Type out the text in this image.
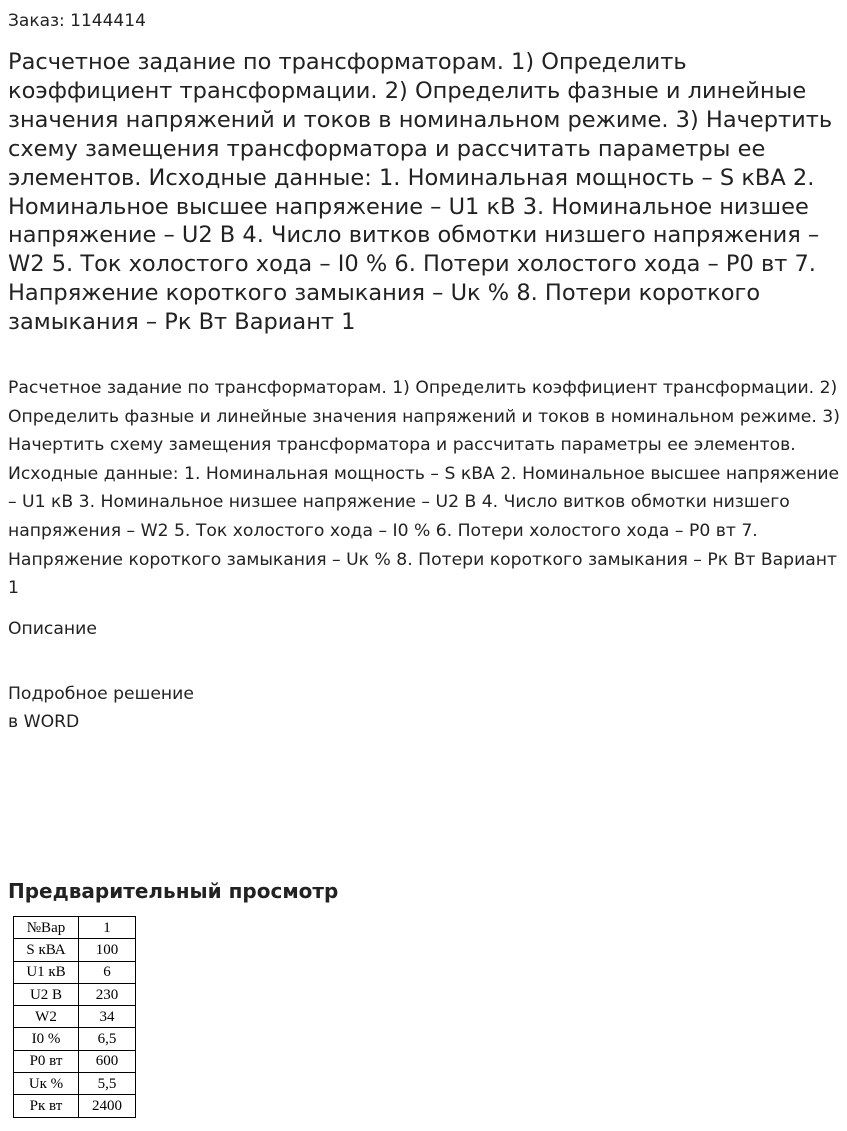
Заказ: 1144414
Расчетное задание по трансформаторам. 1) Определить коэффициент трансформации. 2) Определить фазные и линейные значения напряжений и токов в номинальном режиме. 3) Начертить схему замещения трансформатора и рассчитать параметры ее элементов. Исходные данные: 1. Номинальная мощность – S кВА 2. Номинальное высшее напряжение – U1 кВ 3. Номинальное низшее напряжение – U2 В 4. Число витков обмотки низшего напряжения – W2 5. Ток холостого хода – I0 % 6. Потери холостого хода – P0 вт 7. Напряжение короткого замыкания – Uк % 8. Потери короткого замыкания – Pк Вт Вариант 1
Расчетное задание по трансформаторам. 1) Определить коэффициент трансформации. 2) Определить фазные и линейные значения напряжений и токов в номинальном режиме. 3) Начертить схему замещения трансформатора и рассчитать параметры ее элементов. Исходные данные: 1. Номинальная мощность – S кВА 2. Номинальное высшее напряжение – U1 кВ 3. Номинальное низшее напряжение – U2 В 4. Число витков обмотки низшего напряжения – W2 5. Ток холостого хода – I0 % 6. Потери холостого хода – P0 вт 7. Напряжение короткого замыкания – Uк % 8. Потери короткого замыкания – Pк Вт Вариант 1
Описание
Подробное решение
в WORD
Предварительный просмотр
№Вар	1
S кВА	100
U1 кВ	6
U2 В	230
W2	34
I0 %	6,5
P0 вт	600
Uк %	5,5
Pк вт	2400
